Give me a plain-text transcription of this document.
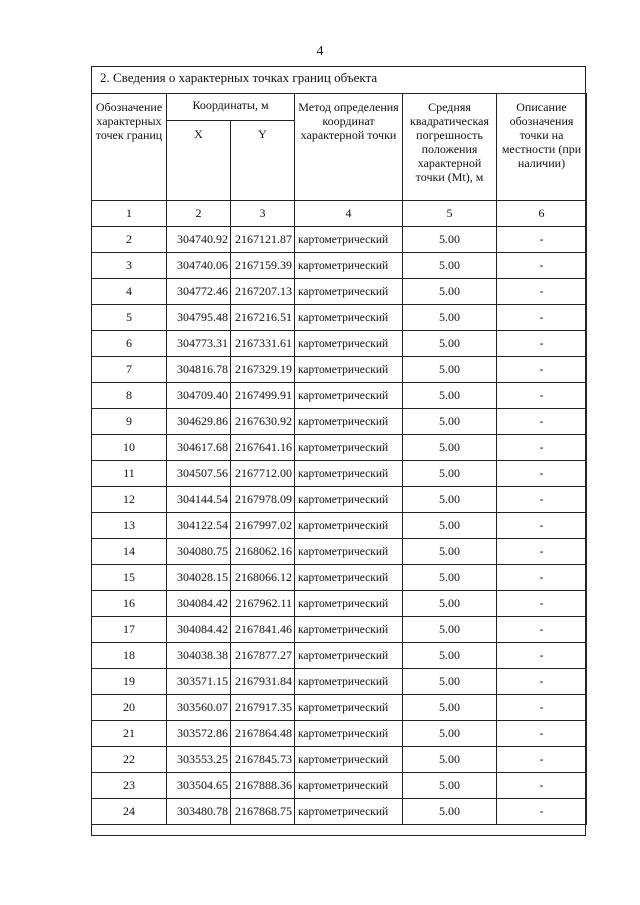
4
2. Сведения о характерных точках границ объекта
Обозначение характерных точек границ	Координаты, м		Метод определения координат характерной точки	Средняя квадратическая погрешность положения характерной точки (Mt), м	Описание обозначения точки на местности (при наличии)
	X	Y			
1	2	3	4	5	6
2	304740.92	2167121.87	картометрический	5.00	-
3	304740.06	2167159.39	картометрический	5.00	-
4	304772.46	2167207.13	картометрический	5.00	-
5	304795.48	2167216.51	картометрический	5.00	-
6	304773.31	2167331.61	картометрический	5.00	-
7	304816.78	2167329.19	картометрический	5.00	-
8	304709.40	2167499.91	картометрический	5.00	-
9	304629.86	2167630.92	картометрический	5.00	-
10	304617.68	2167641.16	картометрический	5.00	-
11	304507.56	2167712.00	картометрический	5.00	-
12	304144.54	2167978.09	картометрический	5.00	-
13	304122.54	2167997.02	картометрический	5.00	-
14	304080.75	2168062.16	картометрический	5.00	-
15	304028.15	2168066.12	картометрический	5.00	-
16	304084.42	2167962.11	картометрический	5.00	-
17	304084.42	2167841.46	картометрический	5.00	-
18	304038.38	2167877.27	картометрический	5.00	-
19	303571.15	2167931.84	картометрический	5.00	-
20	303560.07	2167917.35	картометрический	5.00	-
21	303572.86	2167864.48	картометрический	5.00	-
22	303553.25	2167845.73	картометрический	5.00	-
23	303504.65	2167888.36	картометрический	5.00	-
24	303480.78	2167868.75	картометрический	5.00	-
